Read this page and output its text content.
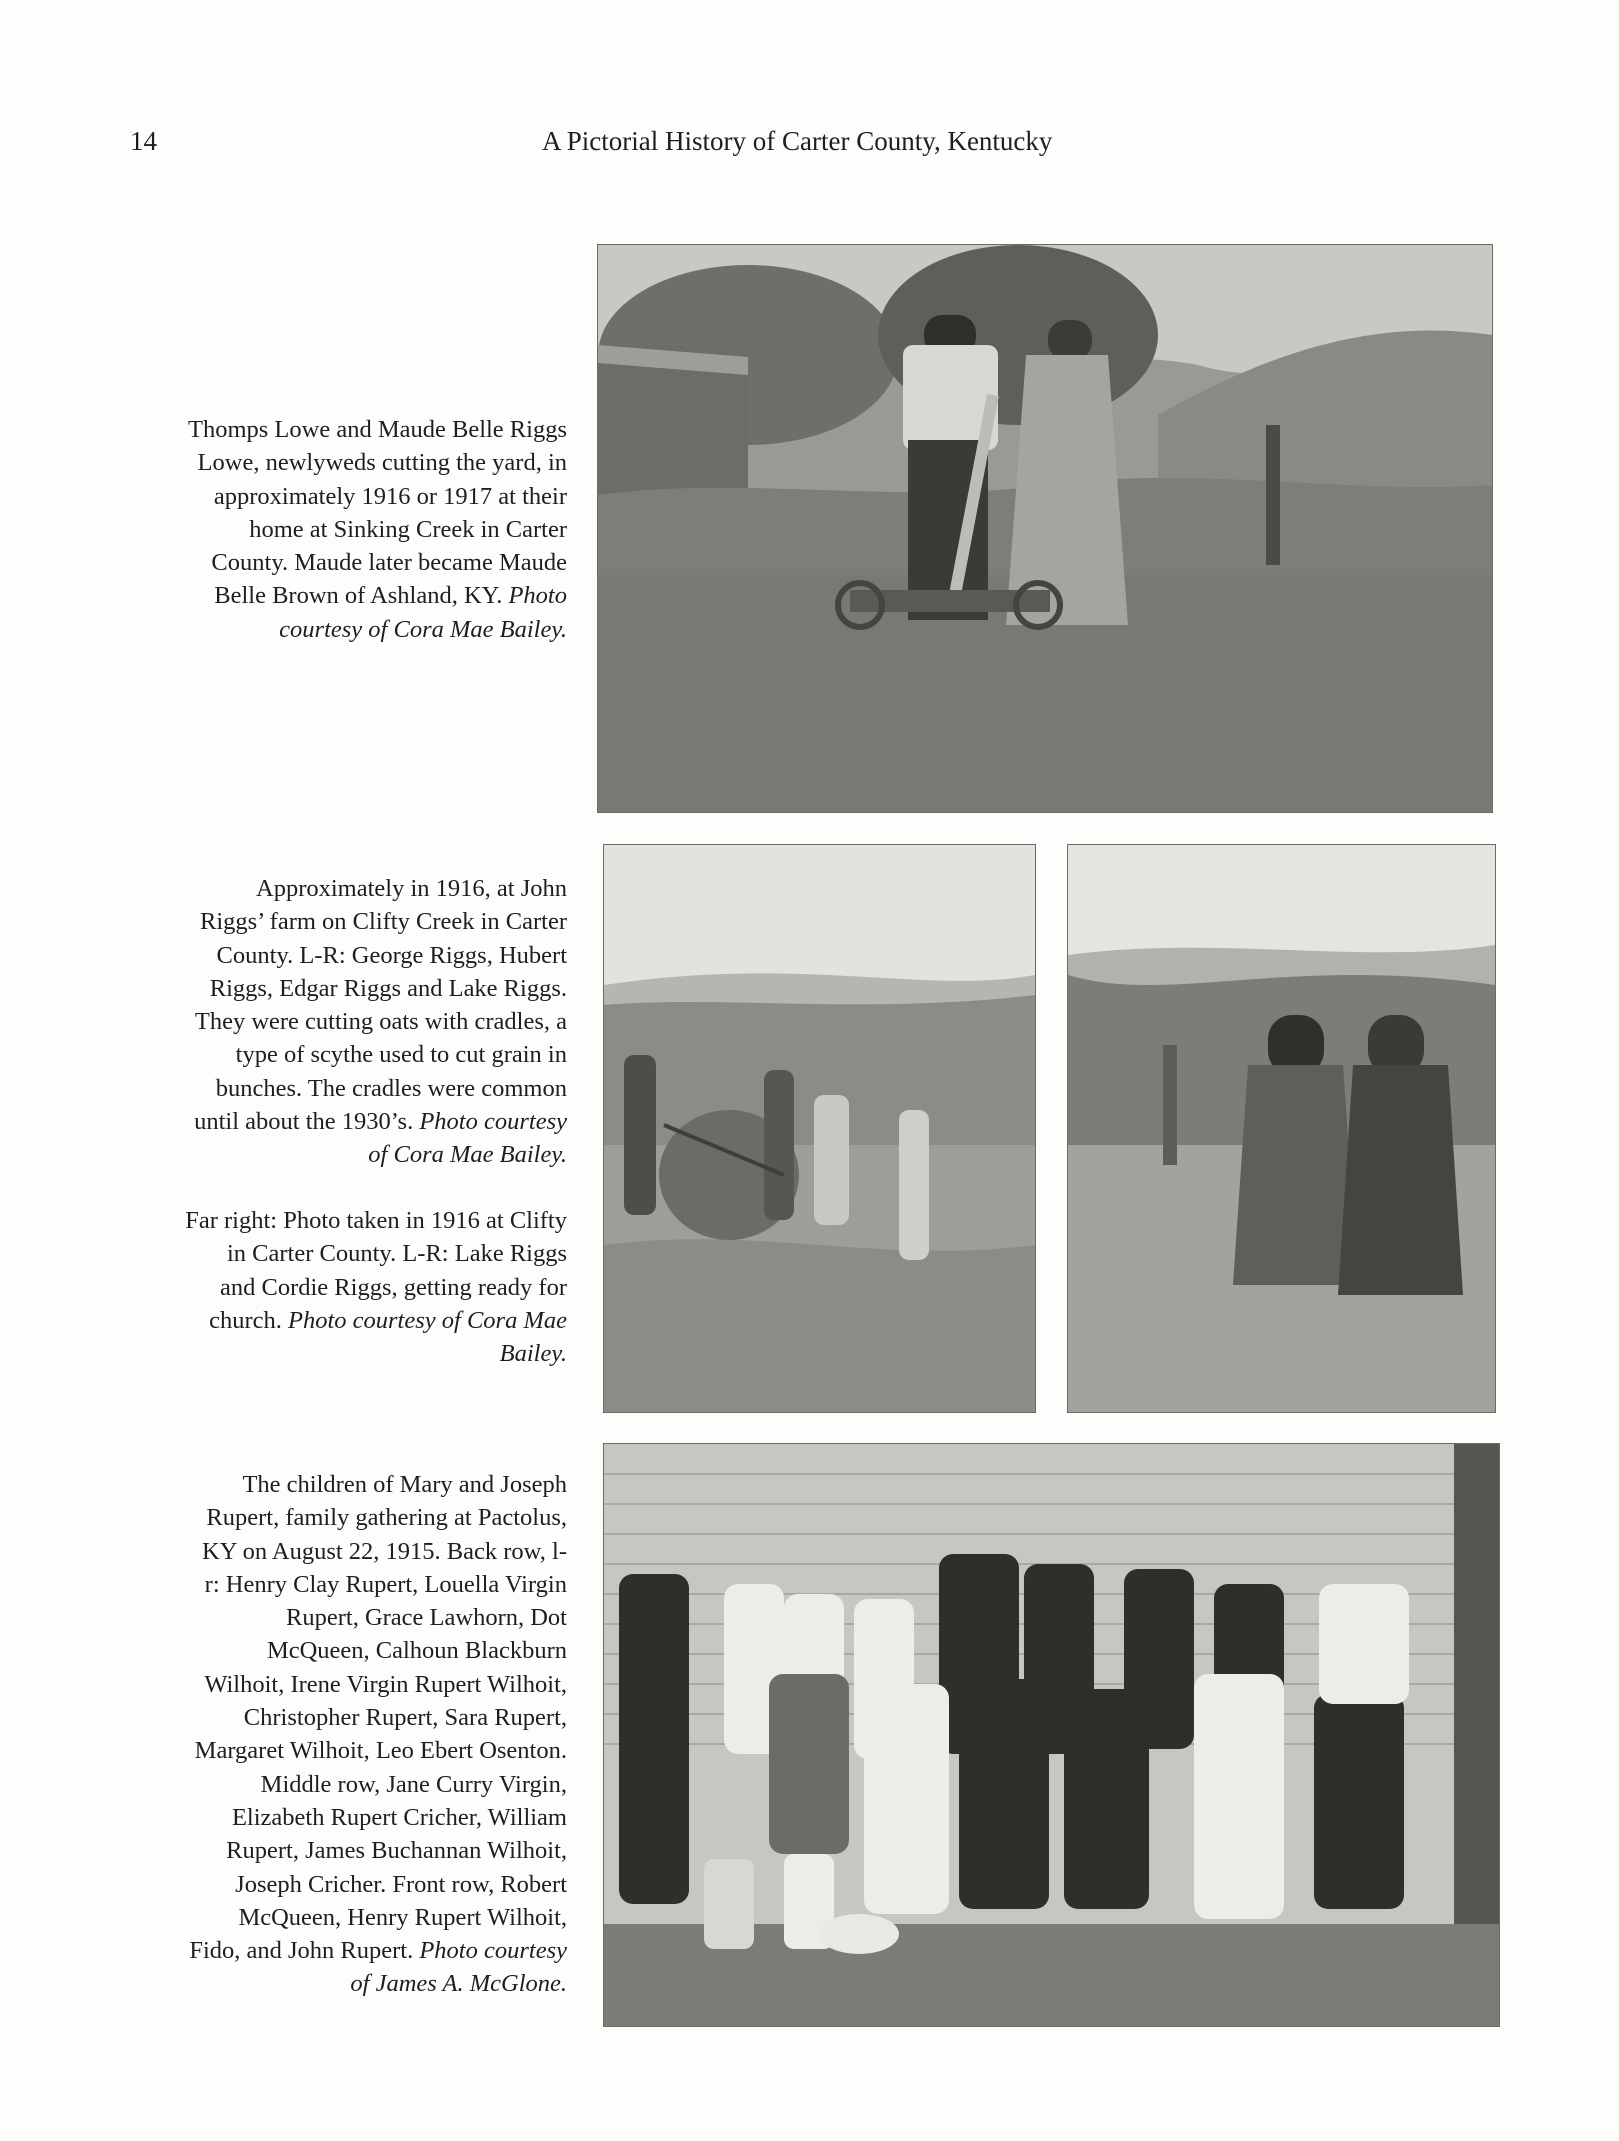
14	A Pictorial History of Carter County, Kentucky
Thomps Lowe and Maude Belle Riggs
Lowe, newlyweds cutting the yard, in
approximately 1916 or 1917 at their
home at Sinking Creek in Carter
County. Maude later became Maude
Belle Brown of Ashland, KY. Photo
courtesy of Cora Mae Bailey.
Approximately in 1916, at John
Riggs’ farm on Clifty Creek in Carter
County. L-R: George Riggs, Hubert
Riggs, Edgar Riggs and Lake Riggs.
They were cutting oats with cradles, a
type of scythe used to cut grain in
bunches. The cradles were common
until about the 1930’s. Photo courtesy
of Cora Mae Bailey.
Far right: Photo taken in 1916 at Clifty
in Carter County. L-R: Lake Riggs
and Cordie Riggs, getting ready for
church. Photo courtesy of Cora Mae
Bailey.
The children of Mary and Joseph
Rupert, family gathering at Pactolus,
KY on August 22, 1915. Back row, l-
r: Henry Clay Rupert, Louella Virgin
Rupert, Grace Lawhorn, Dot
McQueen, Calhoun Blackburn
Wilhoit, Irene Virgin Rupert Wilhoit,
Christopher Rupert, Sara Rupert,
Margaret Wilhoit, Leo Ebert Osenton.
Middle row, Jane Curry Virgin,
Elizabeth Rupert Cricher, William
Rupert, James Buchannan Wilhoit,
Joseph Cricher. Front row, Robert
McQueen, Henry Rupert Wilhoit,
Fido, and John Rupert. Photo courtesy
of James A. McGlone.
